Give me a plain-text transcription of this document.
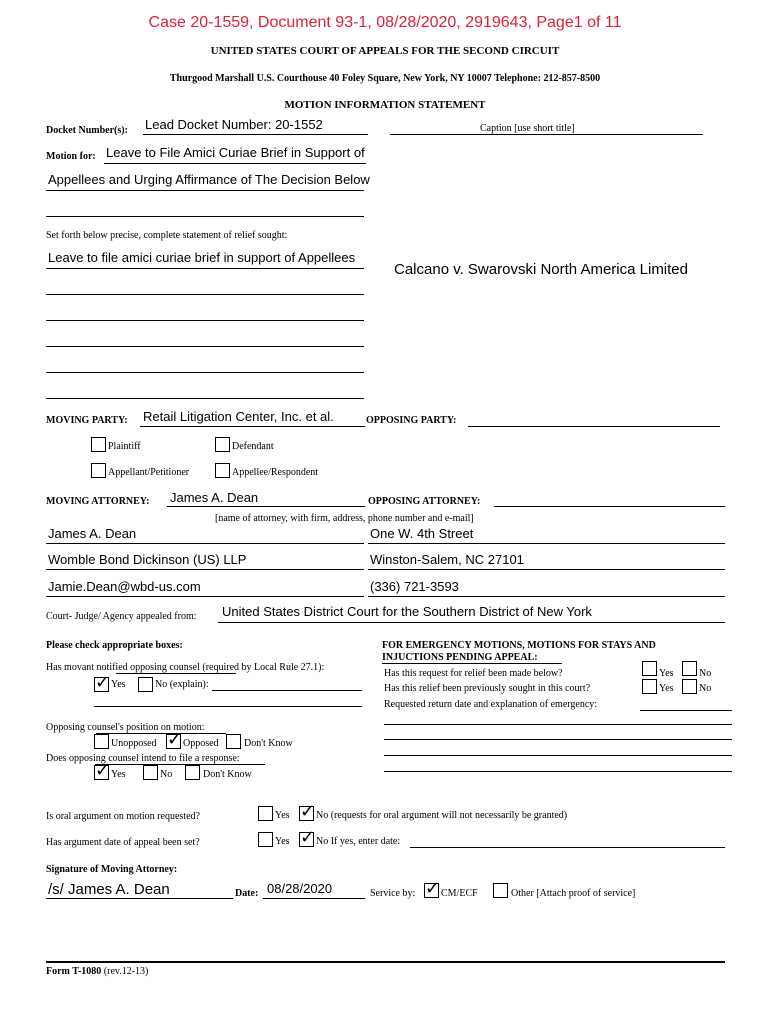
Case 20-1559, Document 93-1, 08/28/2020, 2919643, Page1 of 11
UNITED STATES COURT OF APPEALS FOR THE SECOND CIRCUIT
Thurgood Marshall U.S. Courthouse 40 Foley Square, New York, NY 10007 Telephone: 212-857-8500
MOTION INFORMATION STATEMENT
Docket Number(s): Lead Docket Number: 20-1552	Caption [use short title]
Motion for: Leave to File Amici Curiae Brief in Support of
Appellees and Urging Affirmance of The Decision Below
Set forth below precise, complete statement of relief sought:
Leave to file amici curiae brief in support of Appellees
Calcano v. Swarovski North America Limited
MOVING PARTY: Retail Litigation Center, Inc. et al.	OPPOSING PARTY:
Plaintiff	Defendant
Appellant/Petitioner	Appellee/Respondent
MOVING ATTORNEY: James A. Dean	OPPOSING ATTORNEY:
[name of attorney, with firm, address, phone number and e-mail]
James A. Dean	One W. 4th Street
Womble Bond Dickinson (US) LLP	Winston-Salem, NC 27101
Jamie.Dean@wbd-us.com	(336) 721-3593
Court- Judge/ Agency appealed from: United States District Court for the Southern District of New York
Please check appropriate boxes:
Has movant notified opposing counsel (required by Local Rule 27.1):
✓ Yes	No (explain):
Opposing counsel's position on motion:
Unopposed ✓ Opposed	Don't Know
Does opposing counsel intend to file a response:
✓ Yes	No	Don't Know
FOR EMERGENCY MOTIONS, MOTIONS FOR STAYS AND
INJUCTIONS PENDING APPEAL:
Has this request for relief been made below?	Yes	No
Has this relief been previously sought in this court?	Yes	No
Requested return date and explanation of emergency:
Is oral argument on motion requested?	Yes ✓ No (requests for oral argument will not necessarily be granted)
Has argument date of appeal been set?	Yes ✓ No If yes, enter date:
Signature of Moving Attorney:
/s/ James A. Dean	Date: 08/28/2020	Service by: ✓ CM/ECF	Other [Attach proof of service]
Form T-1080 (rev.12-13)
